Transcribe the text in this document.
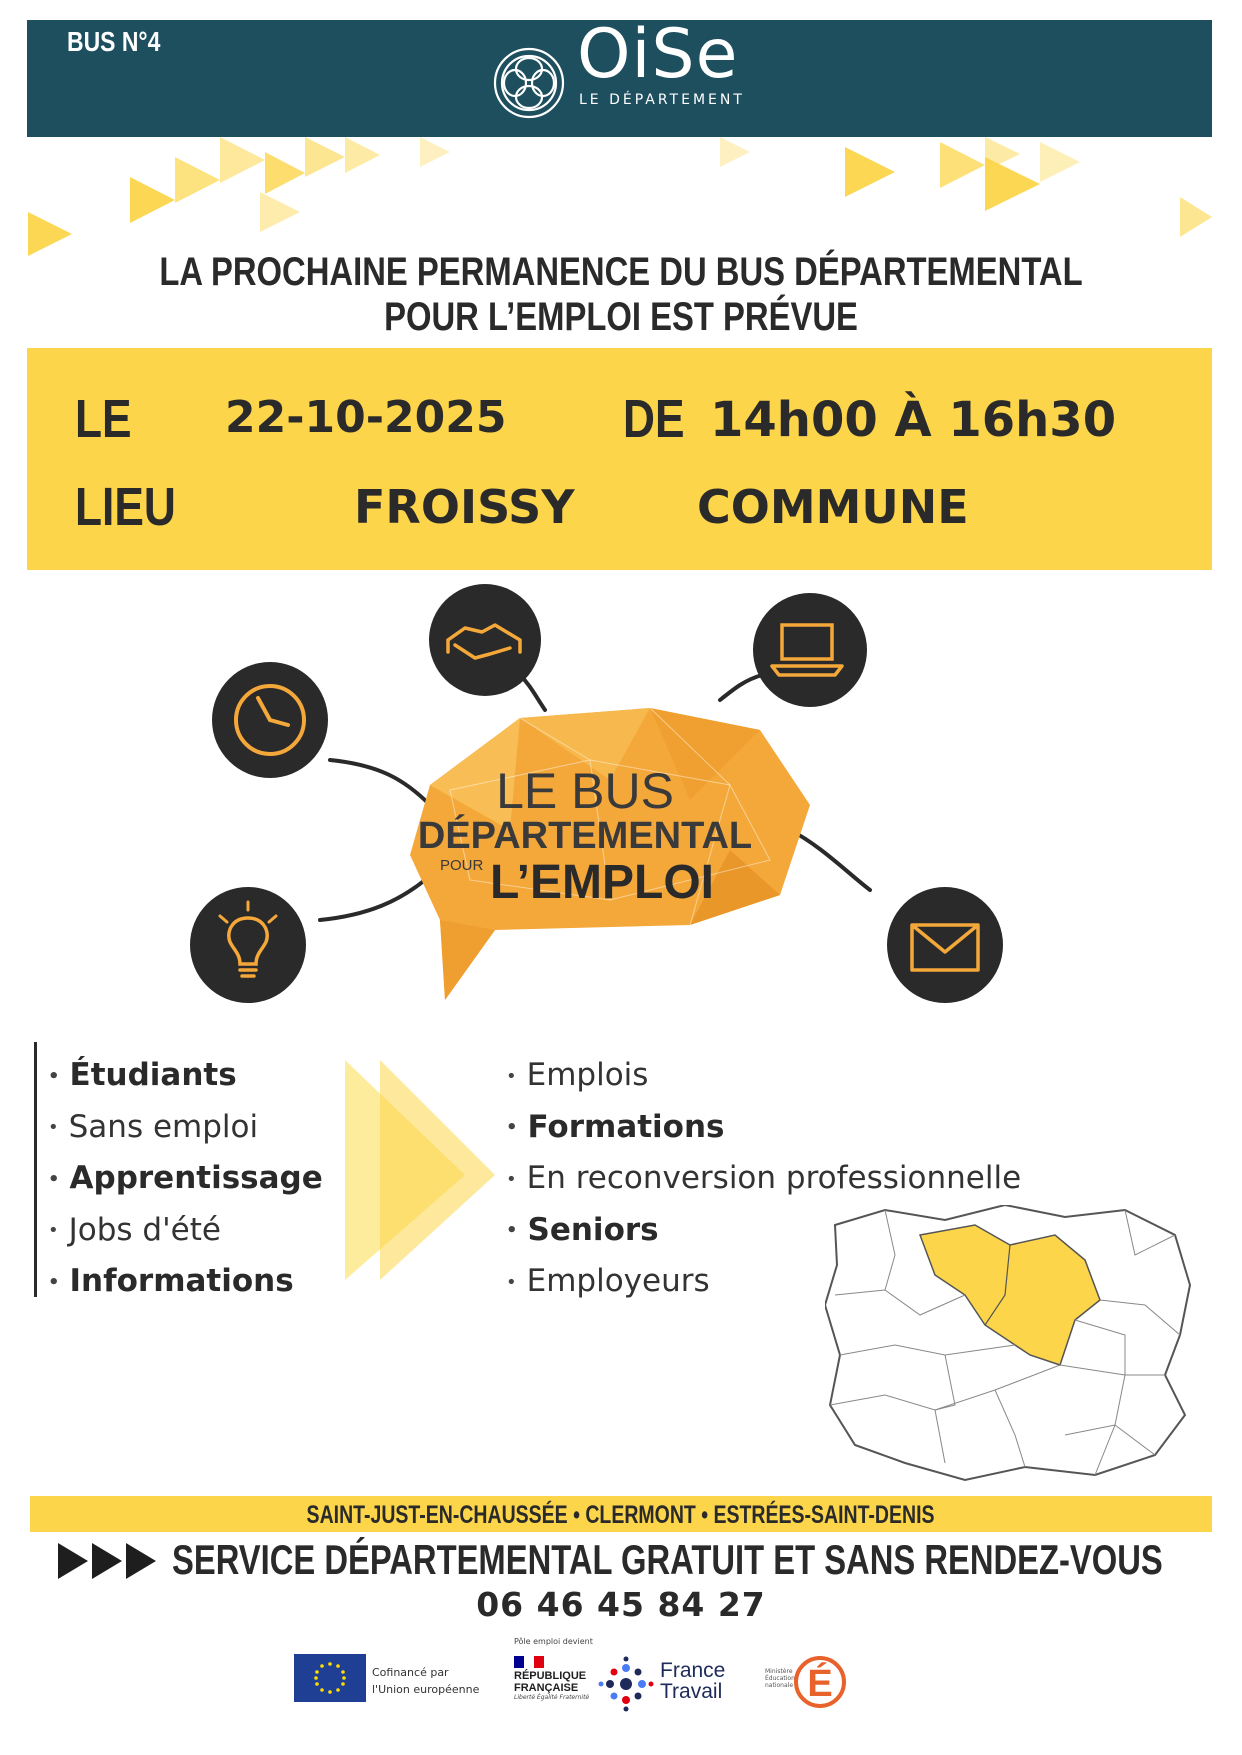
BUS N°4	OiSe
LE DÉPARTEMENT
LA PROCHAINE PERMANENCE DU BUS DÉPARTEMENTAL
POUR L’EMPLOI EST PRÉVUE
LE 22-10-2025 DE 14h00 À 16h30
LIEU	FROISSY	COMMUNE
LE BUS
DÉPARTEMENTAL
POUR L’EMPLOI
• Étudiants
• Sans emploi
• Apprentissage
• Jobs d'été
• Informations
• Emplois
• Formations
• En reconversion professionnelle
• Seniors
• Employeurs
SAINT-JUST-EN-CHAUSSÉE • CLERMONT • ESTRÉES-SAINT-DENIS
SERVICE DÉPARTEMENTAL GRATUIT ET SANS RENDEZ-VOUS
06 46 45 84 27
Cofinancé par
l'Union européenne
Pôle emploi devient
RÉPUBLIQUE
FRANÇAISE
Liberté Égalité Fraternité
France
Travail
Ministère Éducation nationale É
